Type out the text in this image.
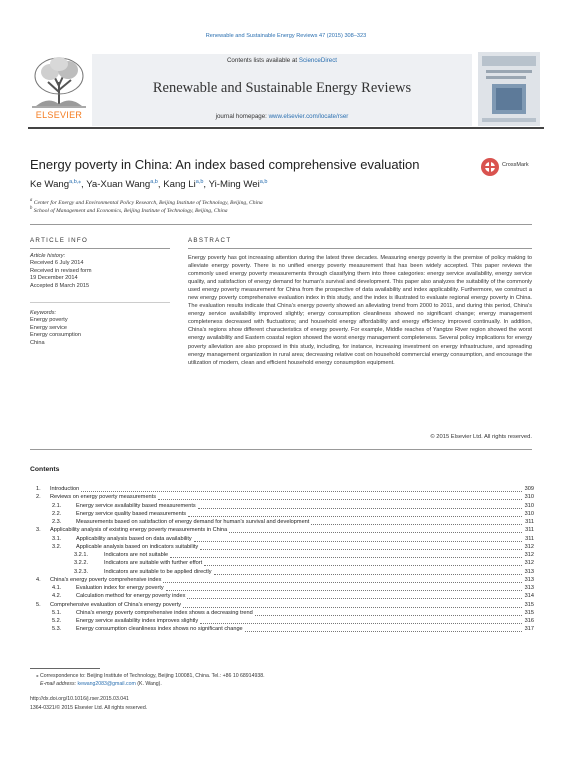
Renewable and Sustainable Energy Reviews 47 (2015) 308–323
ELSEVIER
Contents lists available at ScienceDirect
Renewable and Sustainable Energy Reviews
journal homepage: www.elsevier.com/locate/rser
Energy poverty in China: An index based comprehensive evaluation	CrossMark
Ke Wang$^{a,b,⁎}$, Ya-Xuan Wang$^{a,b}$, Kang Li$^{a,b}$, Yi-Ming Wei$^{a,b}$
$^a$ Center for Energy and Environmental Policy Research, Beijing Institute of Technology, Beijing, China
$^b$ School of Management and Economics, Beijing Institute of Technology, Beijing, China
ARTICLE INFO
Article history:
Received 6 July 2014
Received in revised form
19 December 2014
Accepted 8 March 2015
Keywords:
Energy poverty
Energy service
Energy consumption
China
ABSTRACT
Energy poverty has got increasing attention during the latest three decades. Measuring energy poverty is the premise of policy making to alleviate energy poverty. There is no unified energy poverty measurement that has been widely accepted. This paper reviews the commonly used energy poverty measurements through classifying them into three categories: energy service availability, energy service quality, and satisfaction of energy demand for human's survival and development. This paper also analyzes the suitability of the commonly used energy poverty measurement for China from the prospective of data availability and index applicability. Furthermore, we construct a new energy poverty comprehensive evaluation index in this study, and the index is illustrated to evaluate regional energy poverty in China. The evaluation results indicate that China's energy poverty showed an alleviating trend from 2000 to 2011, and during this period, China's energy service availability improved slightly; energy consumption cleanliness showed no significant change; energy management completeness decreased with fluctuations; and household energy affordability and energy efficiency improved continually. In addition, China's regions show different characteristics of energy poverty. For example, Middle reaches of Yangtze River region showed the worst energy availability and Eastern coastal region showed the worst energy management completeness. Several policy implications for energy poverty alleviation are also proposed in this study, including, for instance, increasing investment on energy infrastructure, and spreading energy management organization in rural area; decreasing relative cost on household commercial energy consumption, and encourage the utilization of modern, clean and efficient household energy consumption equipment.
© 2015 Elsevier Ltd. All rights reserved.
Contents
1. Introduction	309
2. Reviews on energy poverty measurements	310
2.1.	Energy service availability based measurements	310
2.2.	Energy service quality based measurements	310
2.3.	Measurements based on satisfaction of energy demand for human's survival and development	311
3. Applicability analysis of existing energy poverty measurements in China	311
3.1.	Applicability analysis based on data availability	311
3.2.	Applicable analysis based on indicators suitability	312
3.2.1.	Indicators are not suitable	312
3.2.2.	Indicators are suitable with further effort	312
3.2.3.	Indicators are suitable to be applied directly	313
4. China's energy poverty comprehensive index	313
4.1.	Evaluation index for energy poverty	313
4.2.	Calculation method for energy poverty index	314
5. Comprehensive evaluation of China's energy poverty	315
5.1.	China's energy poverty comprehensive index shows a decreasing trend	315
5.2.	Energy service availability index improves slightly	316
5.3.	Energy consumption cleanliness index shows no significant change	317
⁎ Correspondence to: Beijing Institute of Technology, Beijing 100081, China. Tel.: +86 10 68914938.
E-mail address: kewang2083@gmail.com (K. Wang).
http://dx.doi.org/10.1016/j.rser.2015.03.041
1364-0321/© 2015 Elsevier Ltd. All rights reserved.
